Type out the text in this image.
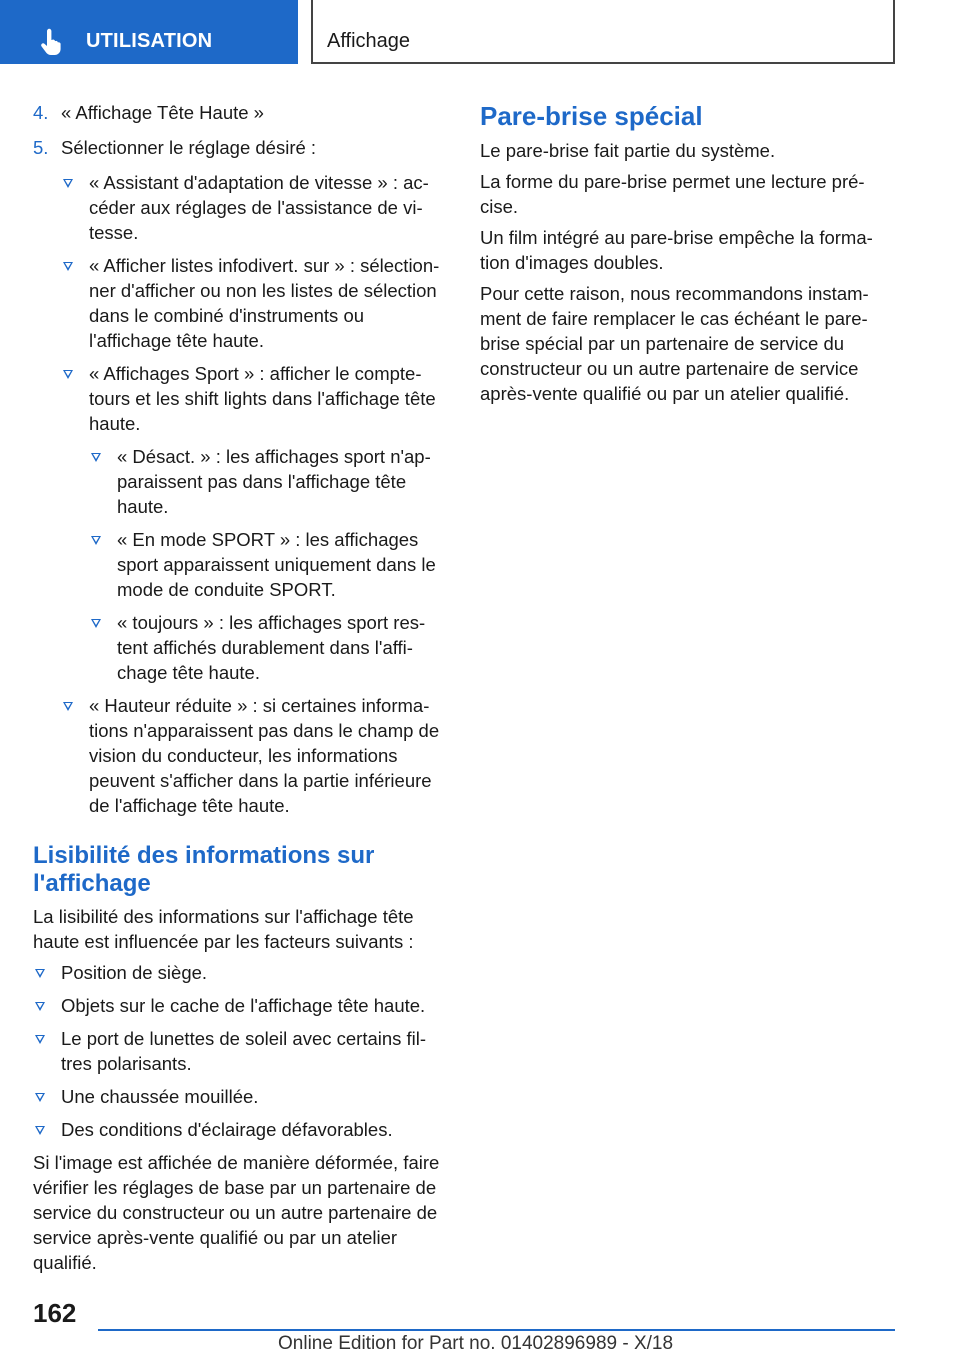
UTILISATION	Affichage
4. « Affichage Tête Haute »
5. Sélectionner le réglage désiré :
« Assistant d'adaptation de vitesse » : accéder aux réglages de l'assistance de vitesse.
« Afficher listes infodivert. sur » : sélectionner d'afficher ou non les listes de sélection dans le combiné d'instruments ou l'affichage tête haute.
« Affichages Sport » : afficher le compte-tours et les shift lights dans l'affichage tête haute.
« Désact. » : les affichages sport n'apparaissent pas dans l'affichage tête haute.
« En mode SPORT » : les affichages sport apparaissent uniquement dans le mode de conduite SPORT.
« toujours » : les affichages sport restent affichés durablement dans l'affichage tête haute.
« Hauteur réduite » : si certaines informations n'apparaissent pas dans le champ de vision du conducteur, les informations peuvent s'afficher dans la partie inférieure de l'affichage tête haute.
Lisibilité des informations sur l'affichage

La lisibilité des informations sur l'affichage tête haute est influencée par les facteurs suivants :

Position de siège.
Objets sur le cache de l'affichage tête haute.
Le port de lunettes de soleil avec certains filtres polarisants.
Une chaussée mouillée.
Des conditions d'éclairage défavorables.

Si l'image est affichée de manière déformée, faire vérifier les réglages de base par un partenaire de service du constructeur ou un autre partenaire de service après-vente qualifié ou par un atelier qualifié.

Pare-brise spécial

Le pare-brise fait partie du système.

La forme du pare-brise permet une lecture précise.

Un film intégré au pare-brise empêche la formation d'images doubles.

Pour cette raison, nous recommandons instamment de faire remplacer le cas échéant le pare-brise spécial par un partenaire de service du constructeur ou un autre partenaire de service après-vente qualifié ou par un atelier qualifié.

162
Online Edition for Part no. 01402896989 - X/18
